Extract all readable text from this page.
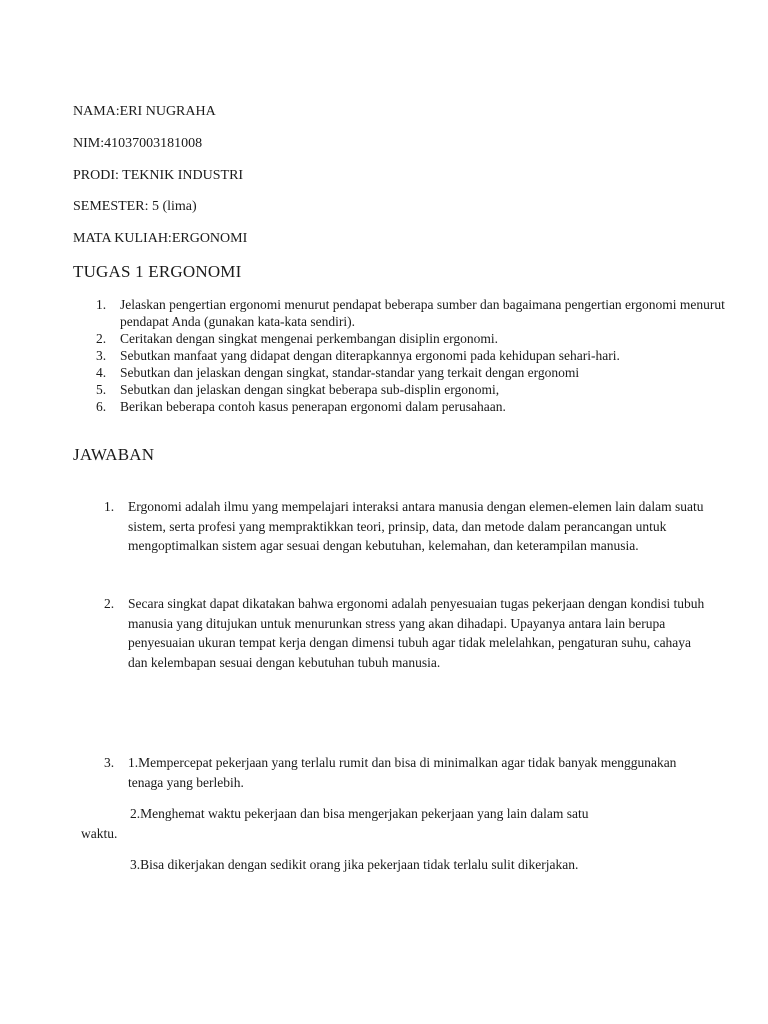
NAMA:ERI NUGRAHA
NIM:41037003181008
PRODI: TEKNIK INDUSTRI
SEMESTER: 5 (lima)
MATA KULIAH:ERGONOMI
TUGAS 1 ERGONOMI
1. Jelaskan pengertian ergonomi menurut pendapat beberapa sumber dan bagaimana pengertian ergonomi menurut pendapat Anda (gunakan kata-kata sendiri).
2. Ceritakan dengan singkat mengenai perkembangan disiplin ergonomi.
3. Sebutkan manfaat yang didapat dengan diterapkannya ergonomi pada kehidupan sehari-hari.
4. Sebutkan dan jelaskan dengan singkat, standar-standar yang terkait dengan ergonomi
5. Sebutkan dan jelaskan dengan singkat beberapa sub-displin ergonomi,
6. Berikan beberapa contoh kasus penerapan ergonomi dalam perusahaan.
JAWABAN
1.	Ergonomi adalah ilmu yang mempelajari interaksi antara manusia dengan elemen-elemen lain dalam suatu sistem, serta profesi yang mempraktikkan teori, prinsip, data, dan metode dalam perancangan untuk mengoptimalkan sistem agar sesuai dengan kebutuhan, kelemahan, dan keterampilan manusia.
2.	Secara singkat dapat dikatakan bahwa ergonomi adalah penyesuaian tugas pekerjaan dengan kondisi tubuh manusia yang ditujukan untuk menurunkan stress yang akan dihadapi. Upayanya antara lain berupa penyesuaian ukuran tempat kerja dengan dimensi tubuh agar tidak melelahkan, pengaturan suhu, cahaya dan kelembapan sesuai dengan kebutuhan tubuh manusia.
3.	1.Mempercepat pekerjaan yang terlalu rumit dan bisa di minimalkan agar tidak banyak menggunakan tenaga yang berlebih.
2.Menghemat waktu pekerjaan dan bisa mengerjakan pekerjaan yang lain dalam satu
waktu.
3.Bisa dikerjakan dengan sedikit orang jika pekerjaan tidak terlalu sulit dikerjakan.
